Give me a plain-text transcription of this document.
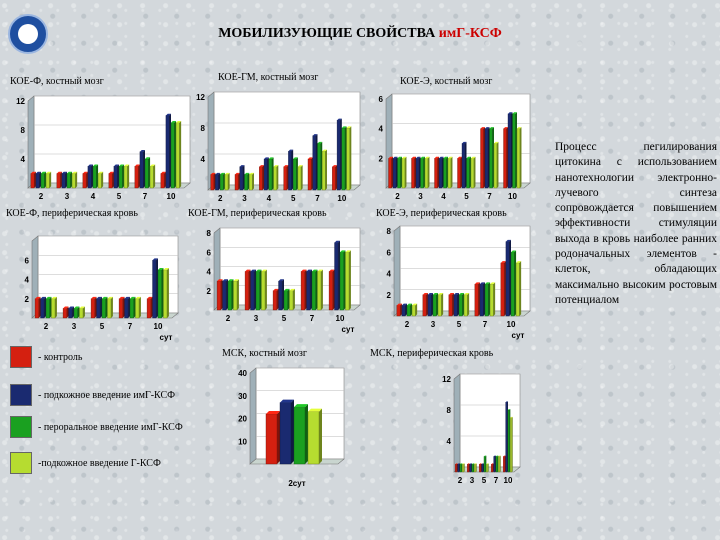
МОБИЛИЗУЮЩИЕ СВОЙСТВА имГ-КСФ
КОЕ-Ф, костный мозг	КОЕ-ГМ, костный мозг	КОЕ-Э, костный мозг
КОЕ-Ф, периферическая кровь	КОЕ-ГМ, периферическая кровь	КОЕ-Э, периферическая кровь
МСК, костный мозг	МСК, периферическая кровь
4
8
12
2	3	4	5	7 10
4
8
12
2 3 4 5 7 10
2
4
6
2 3 4 5 7 10
2
4
6
2	3	5	7	10
сут
2
4
6
8
2	3	5	7	10
сут
2
4
6
8
2	3	5	7 10
сут
10
20
30
40
2сут
4
8
12
2 3 5 7 10
- контроль
- подкожное введение имГ-КСФ
- пероральное введение имГ-КСФ
-подкожное введение Г-КСФ
Процесс пегилирования цитокина с использованием нанотехнологии электронно-лучевого синтеза сопровождается повышением эффективности стимуляции выхода в кровь наиболее ранних родоначальных элементов - клеток, обладающих максимально высоким ростовым потенциалом
